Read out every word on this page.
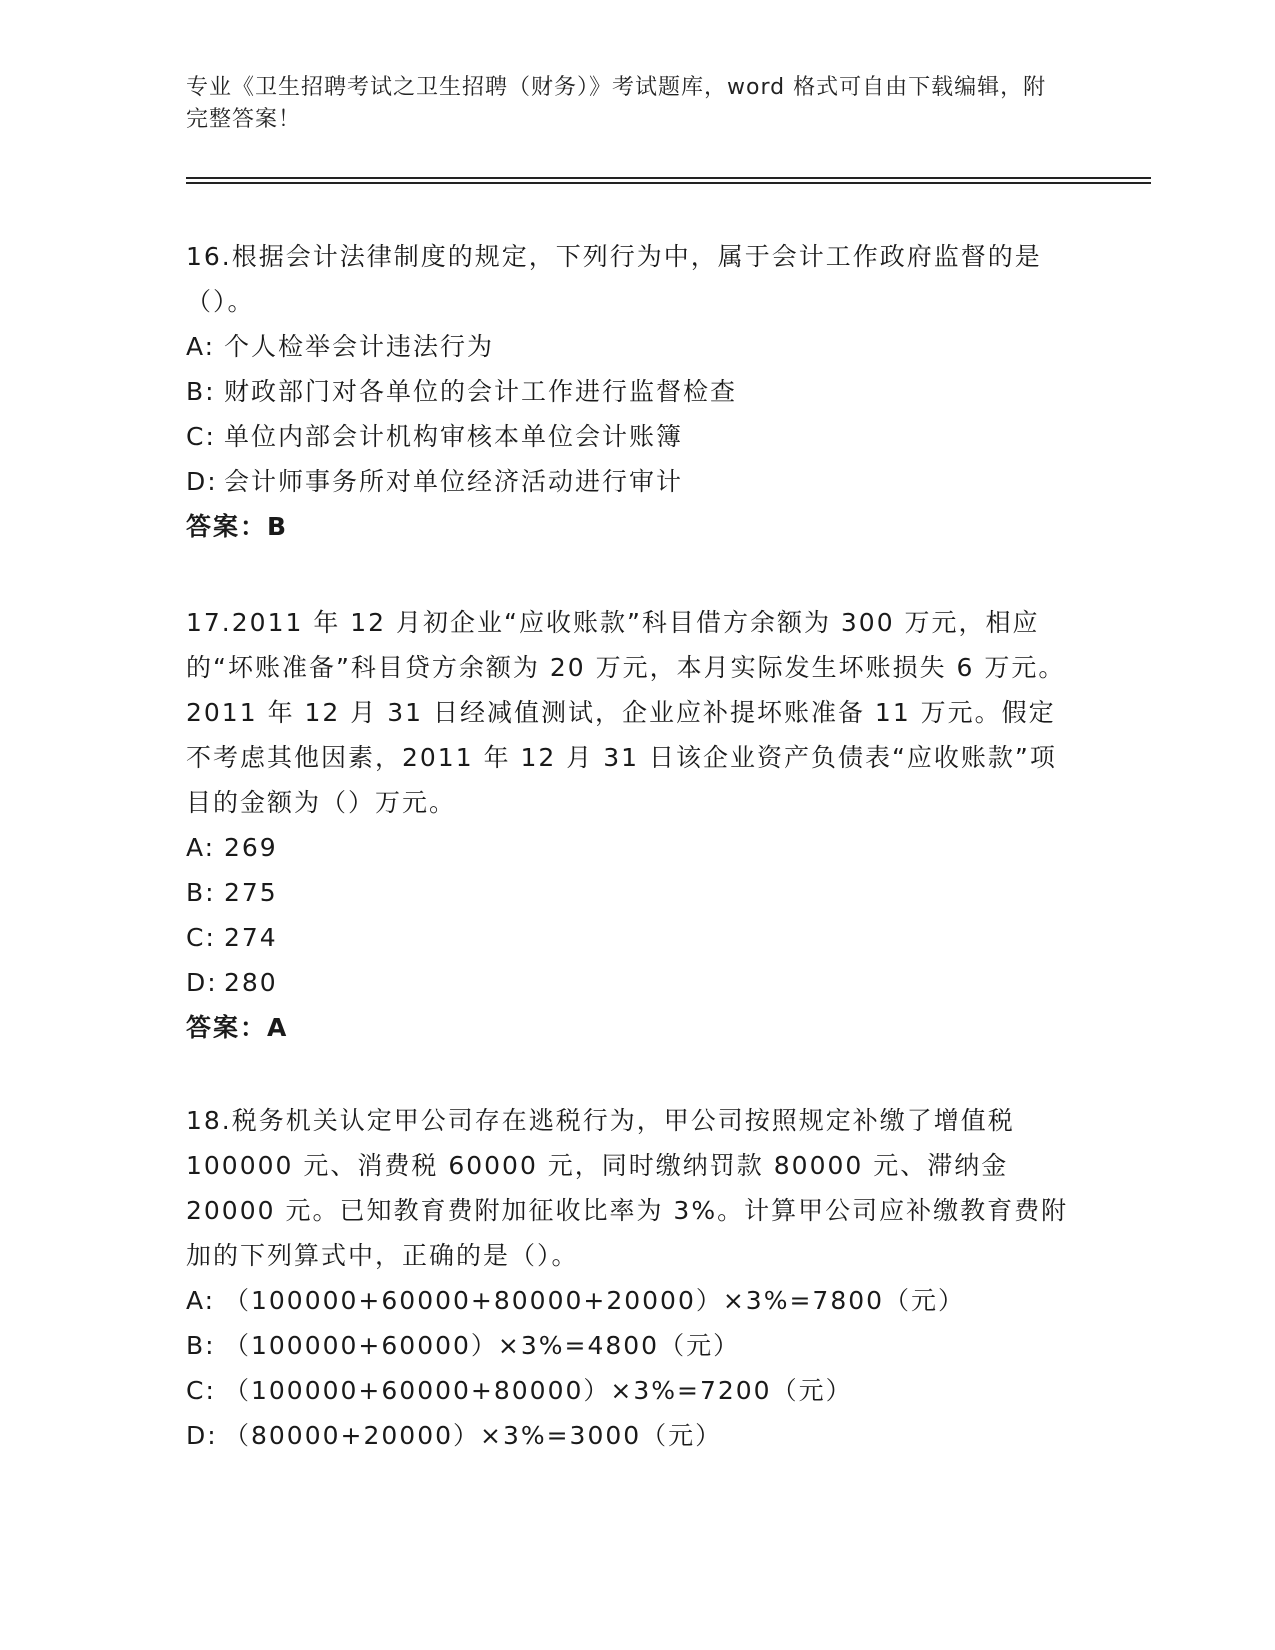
专业《卫生招聘考试之卫生招聘（财务）》考试题库，word 格式可自由下载编辑，附完整答案！

16.根据会计法律制度的规定，下列行为中，属于会计工作政府监督的是（）。

A: 个人检举会计违法行为

B: 财政部门对各单位的会计工作进行监督检查

C: 单位内部会计机构审核本单位会计账簿

D: 会计师事务所对单位经济活动进行审计

答案：B

17.2011 年 12 月初企业“应收账款”科目借方余额为 300 万元，相应的“坏账准备”科目贷方余额为 20 万元，本月实际发生坏账损失 6 万元。2011 年 12 月 31 日经减值测试，企业应补提坏账准备 11 万元。假定不考虑其他因素，2011 年 12 月 31 日该企业资产负债表“应收账款”项目的金额为（）万元。

A: 269

B: 275

C: 274

D: 280

答案：A

18.税务机关认定甲公司存在逃税行为，甲公司按照规定补缴了增值税 100000 元、消费税 60000 元，同时缴纳罚款 80000 元、滞纳金 20000 元。已知教育费附加征收比率为 3%。计算甲公司应补缴教育费附加的下列算式中，正确的是（）。

A: （100000+60000+80000+20000）×3%=7800（元）

B: （100000+60000）×3%=4800（元）

C: （100000+60000+80000）×3%=7200（元）

D: （80000+20000）×3%=3000（元）
